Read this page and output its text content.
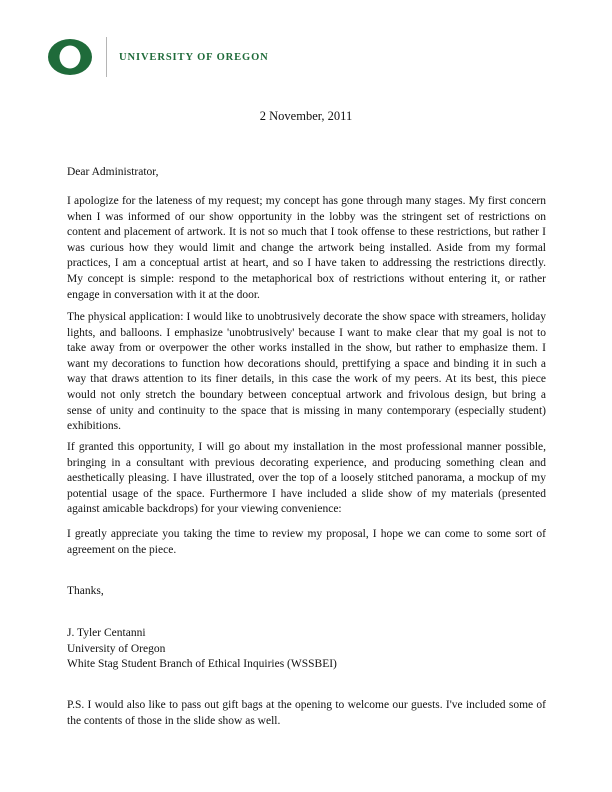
UNIVERSITY OF OREGON
2 November, 2011

Dear Administrator,

I apologize for the lateness of my request; my concept has gone through many stages. My first concern when I was informed of our show opportunity in the lobby was the stringent set of restrictions on content and placement of artwork. It is not so much that I took offense to these restrictions, but rather I was curious how they would limit and change the artwork being installed. Aside from my formal practices, I am a conceptual artist at heart, and so I have taken to addressing the restrictions directly. My concept is simple: respond to the metaphorical box of restrictions without entering it, or rather engage in conversation with it at the door.

The physical application: I would like to unobtrusively decorate the show space with streamers, holiday lights, and balloons. I emphasize 'unobtrusively' because I want to make clear that my goal is not to take away from or overpower the other works installed in the show, but rather to emphasize them. I want my decorations to function how decorations should, prettifying a space and binding it in such a way that draws attention to its finer details, in this case the work of my peers. At its best, this piece would not only stretch the boundary between conceptual artwork and frivolous design, but bring a sense of unity and continuity to the space that is missing in many contemporary (especially student) exhibitions.

If granted this opportunity, I will go about my installation in the most professional manner possible, bringing in a consultant with previous decorating experience, and producing something clean and aesthetically pleasing. I have illustrated, over the top of a loosely stitched panorama, a mockup of my potential usage of the space. Furthermore I have included a slide show of my materials (presented against amicable backdrops) for your viewing convenience:

I greatly appreciate you taking the time to review my proposal, I hope we can come to some sort of agreement on the piece.

Thanks,

J. Tyler Centanni
University of Oregon
White Stag Student Branch of Ethical Inquiries (WSSBEI)

P.S. I would also like to pass out gift bags at the opening to welcome our guests. I've included some of the contents of those in the slide show as well.
